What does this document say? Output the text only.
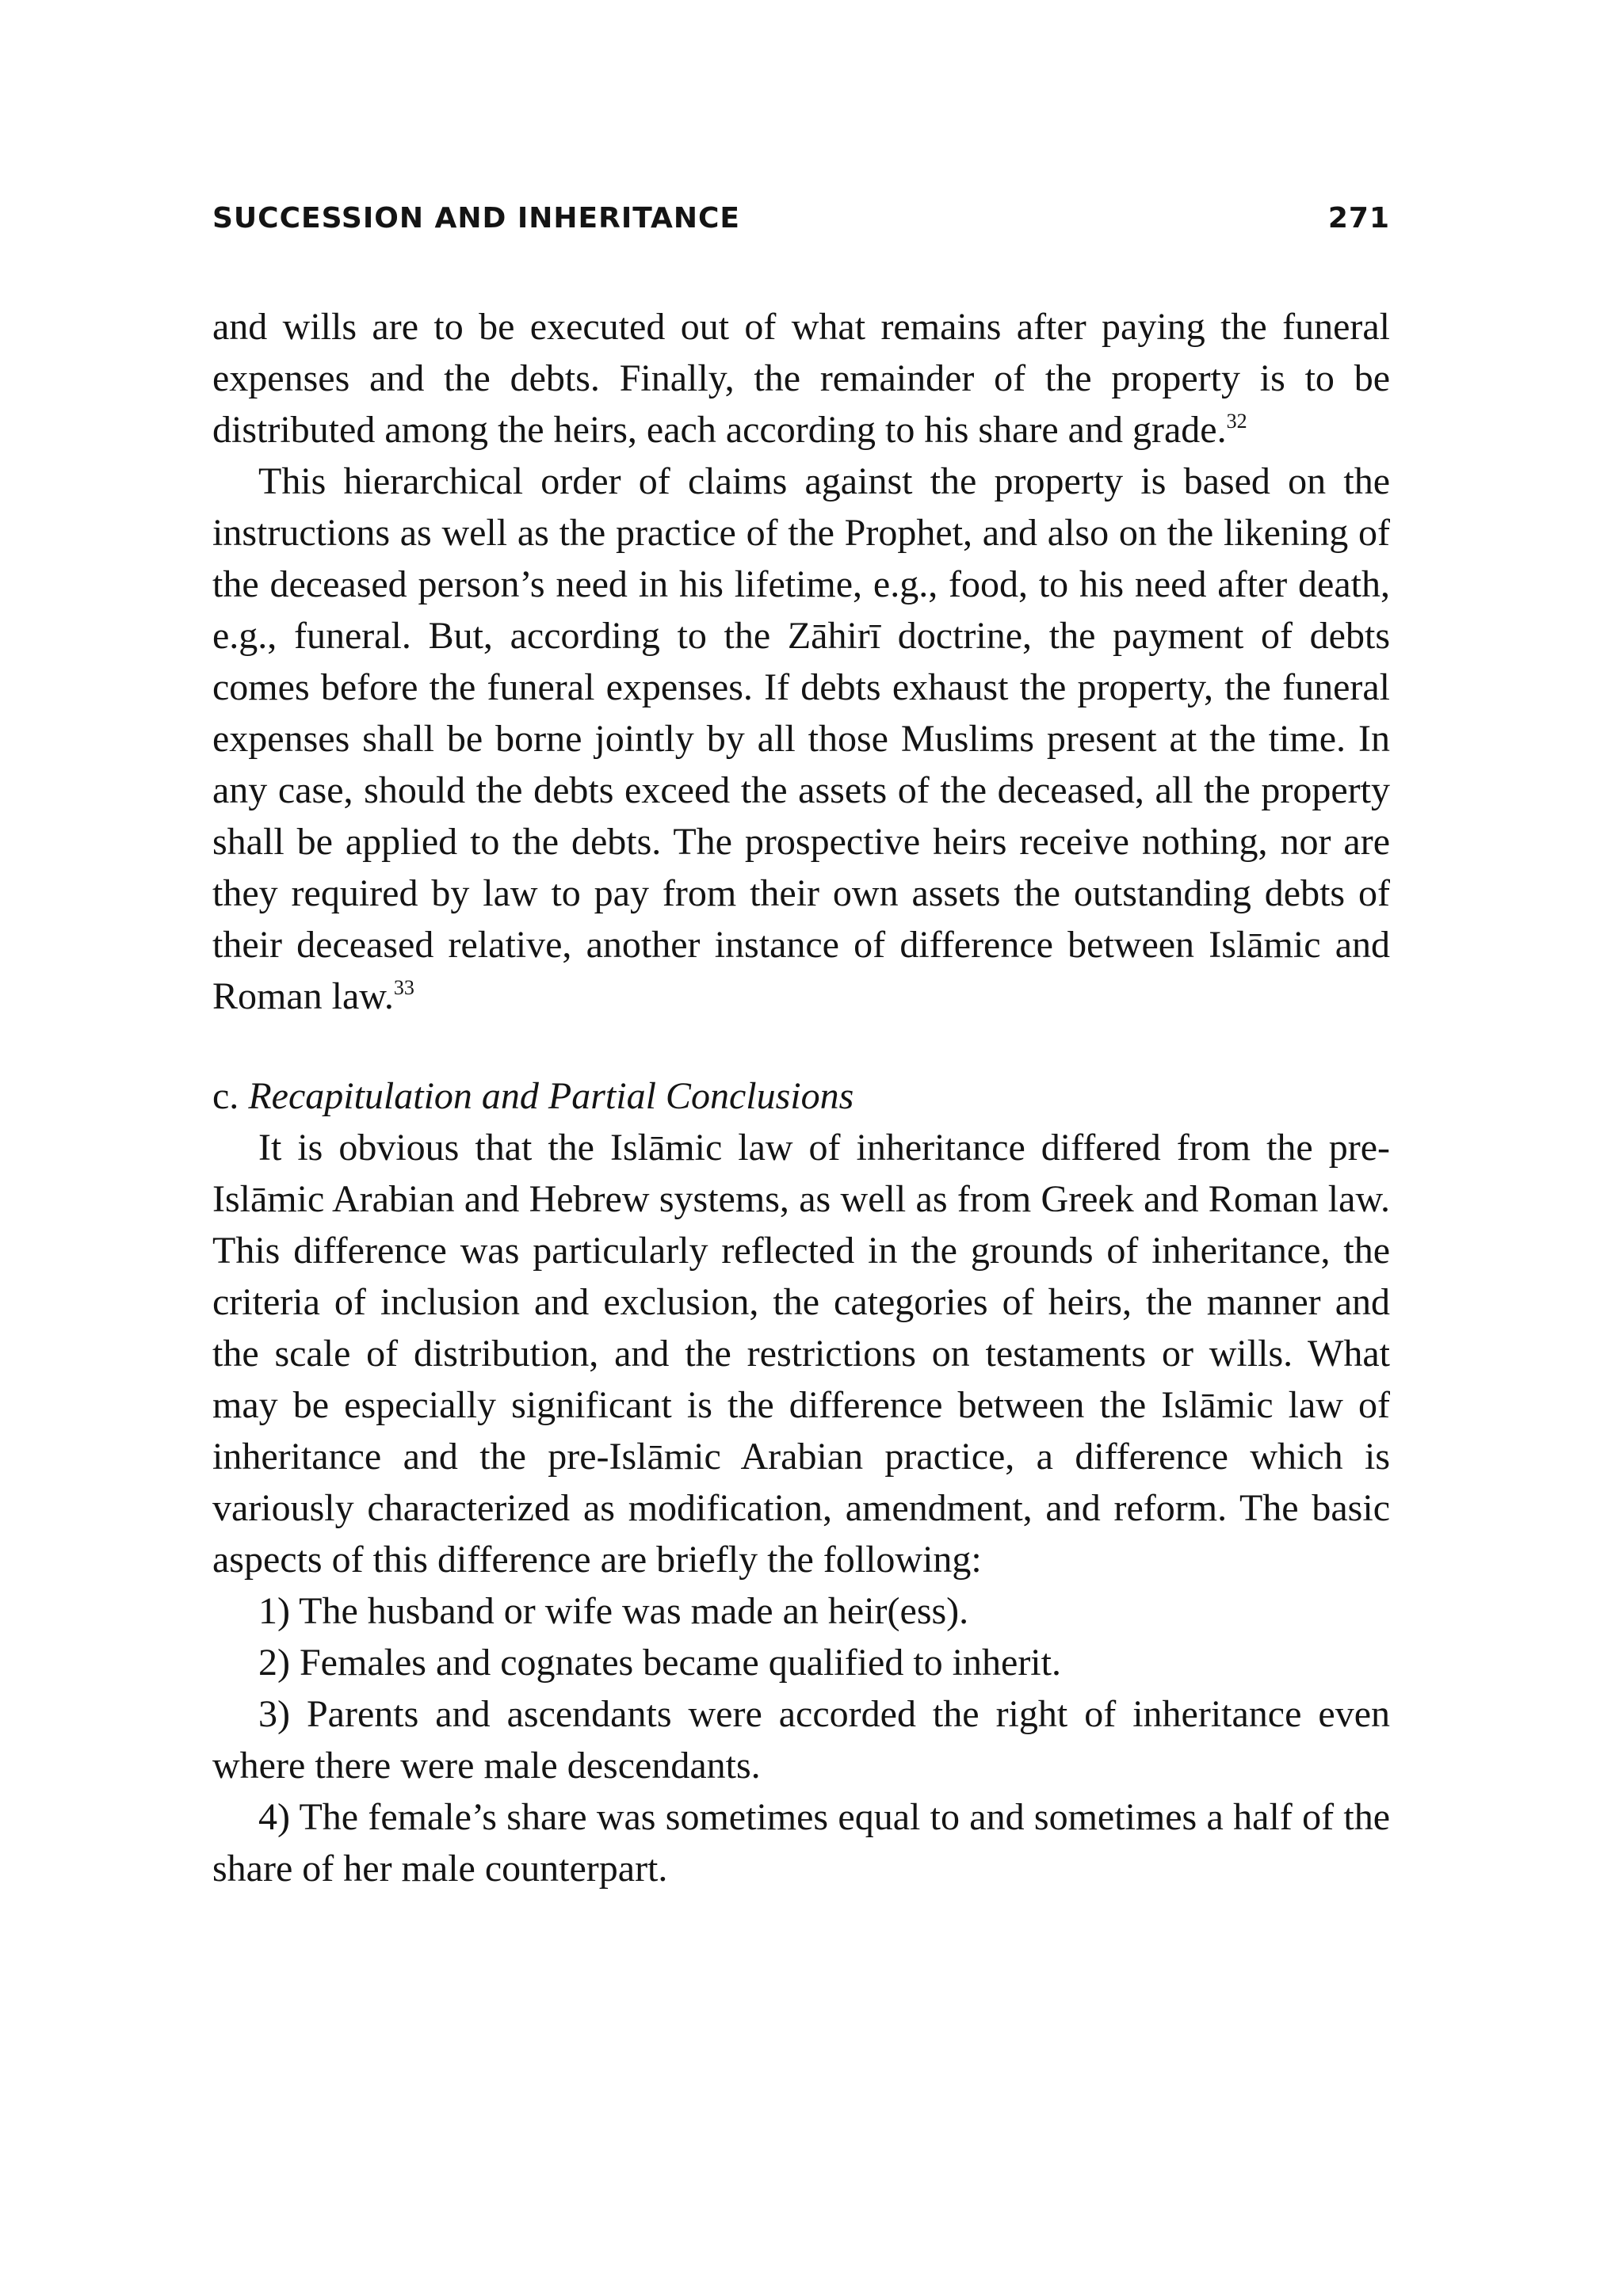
SUCCESSION AND INHERITANCE	271

and wills are to be executed out of what remains after paying the funeral expenses and the debts. Finally, the remainder of the property is to be distributed among the heirs, each according to his share and grade.$^{32}$

This hierarchical order of claims against the property is based on the instructions as well as the practice of the Prophet, and also on the likening of the deceased person’s need in his lifetime, e.g., food, to his need after death, e.g., funeral. But, according to the Zāhirī doctrine, the payment of debts comes before the funeral expenses. If debts exhaust the property, the funeral expenses shall be borne jointly by all those Muslims present at the time. In any case, should the debts exceed the assets of the deceased, all the property shall be applied to the debts. The prospective heirs receive nothing, nor are they required by law to pay from their own assets the outstanding debts of their deceased relative, another instance of difference between Islāmic and Roman law.$^{33}$

c. Recapitulation and Partial Conclusions

It is obvious that the Islāmic law of inheritance differed from the pre-Islāmic Arabian and Hebrew systems, as well as from Greek and Roman law. This difference was particularly reflected in the grounds of inheritance, the criteria of inclusion and exclusion, the categories of heirs, the manner and the scale of distribution, and the restrictions on testaments or wills. What may be especially significant is the difference between the Islāmic law of inheritance and the pre-Islāmic Arabian practice, a difference which is variously characterized as modification, amendment, and reform. The basic aspects of this difference are briefly the following:

1) The husband or wife was made an heir(ess).

2) Females and cognates became qualified to inherit.

3) Parents and ascendants were accorded the right of inheritance even where there were male descendants.

4) The female’s share was sometimes equal to and sometimes a half of the share of her male counterpart.
